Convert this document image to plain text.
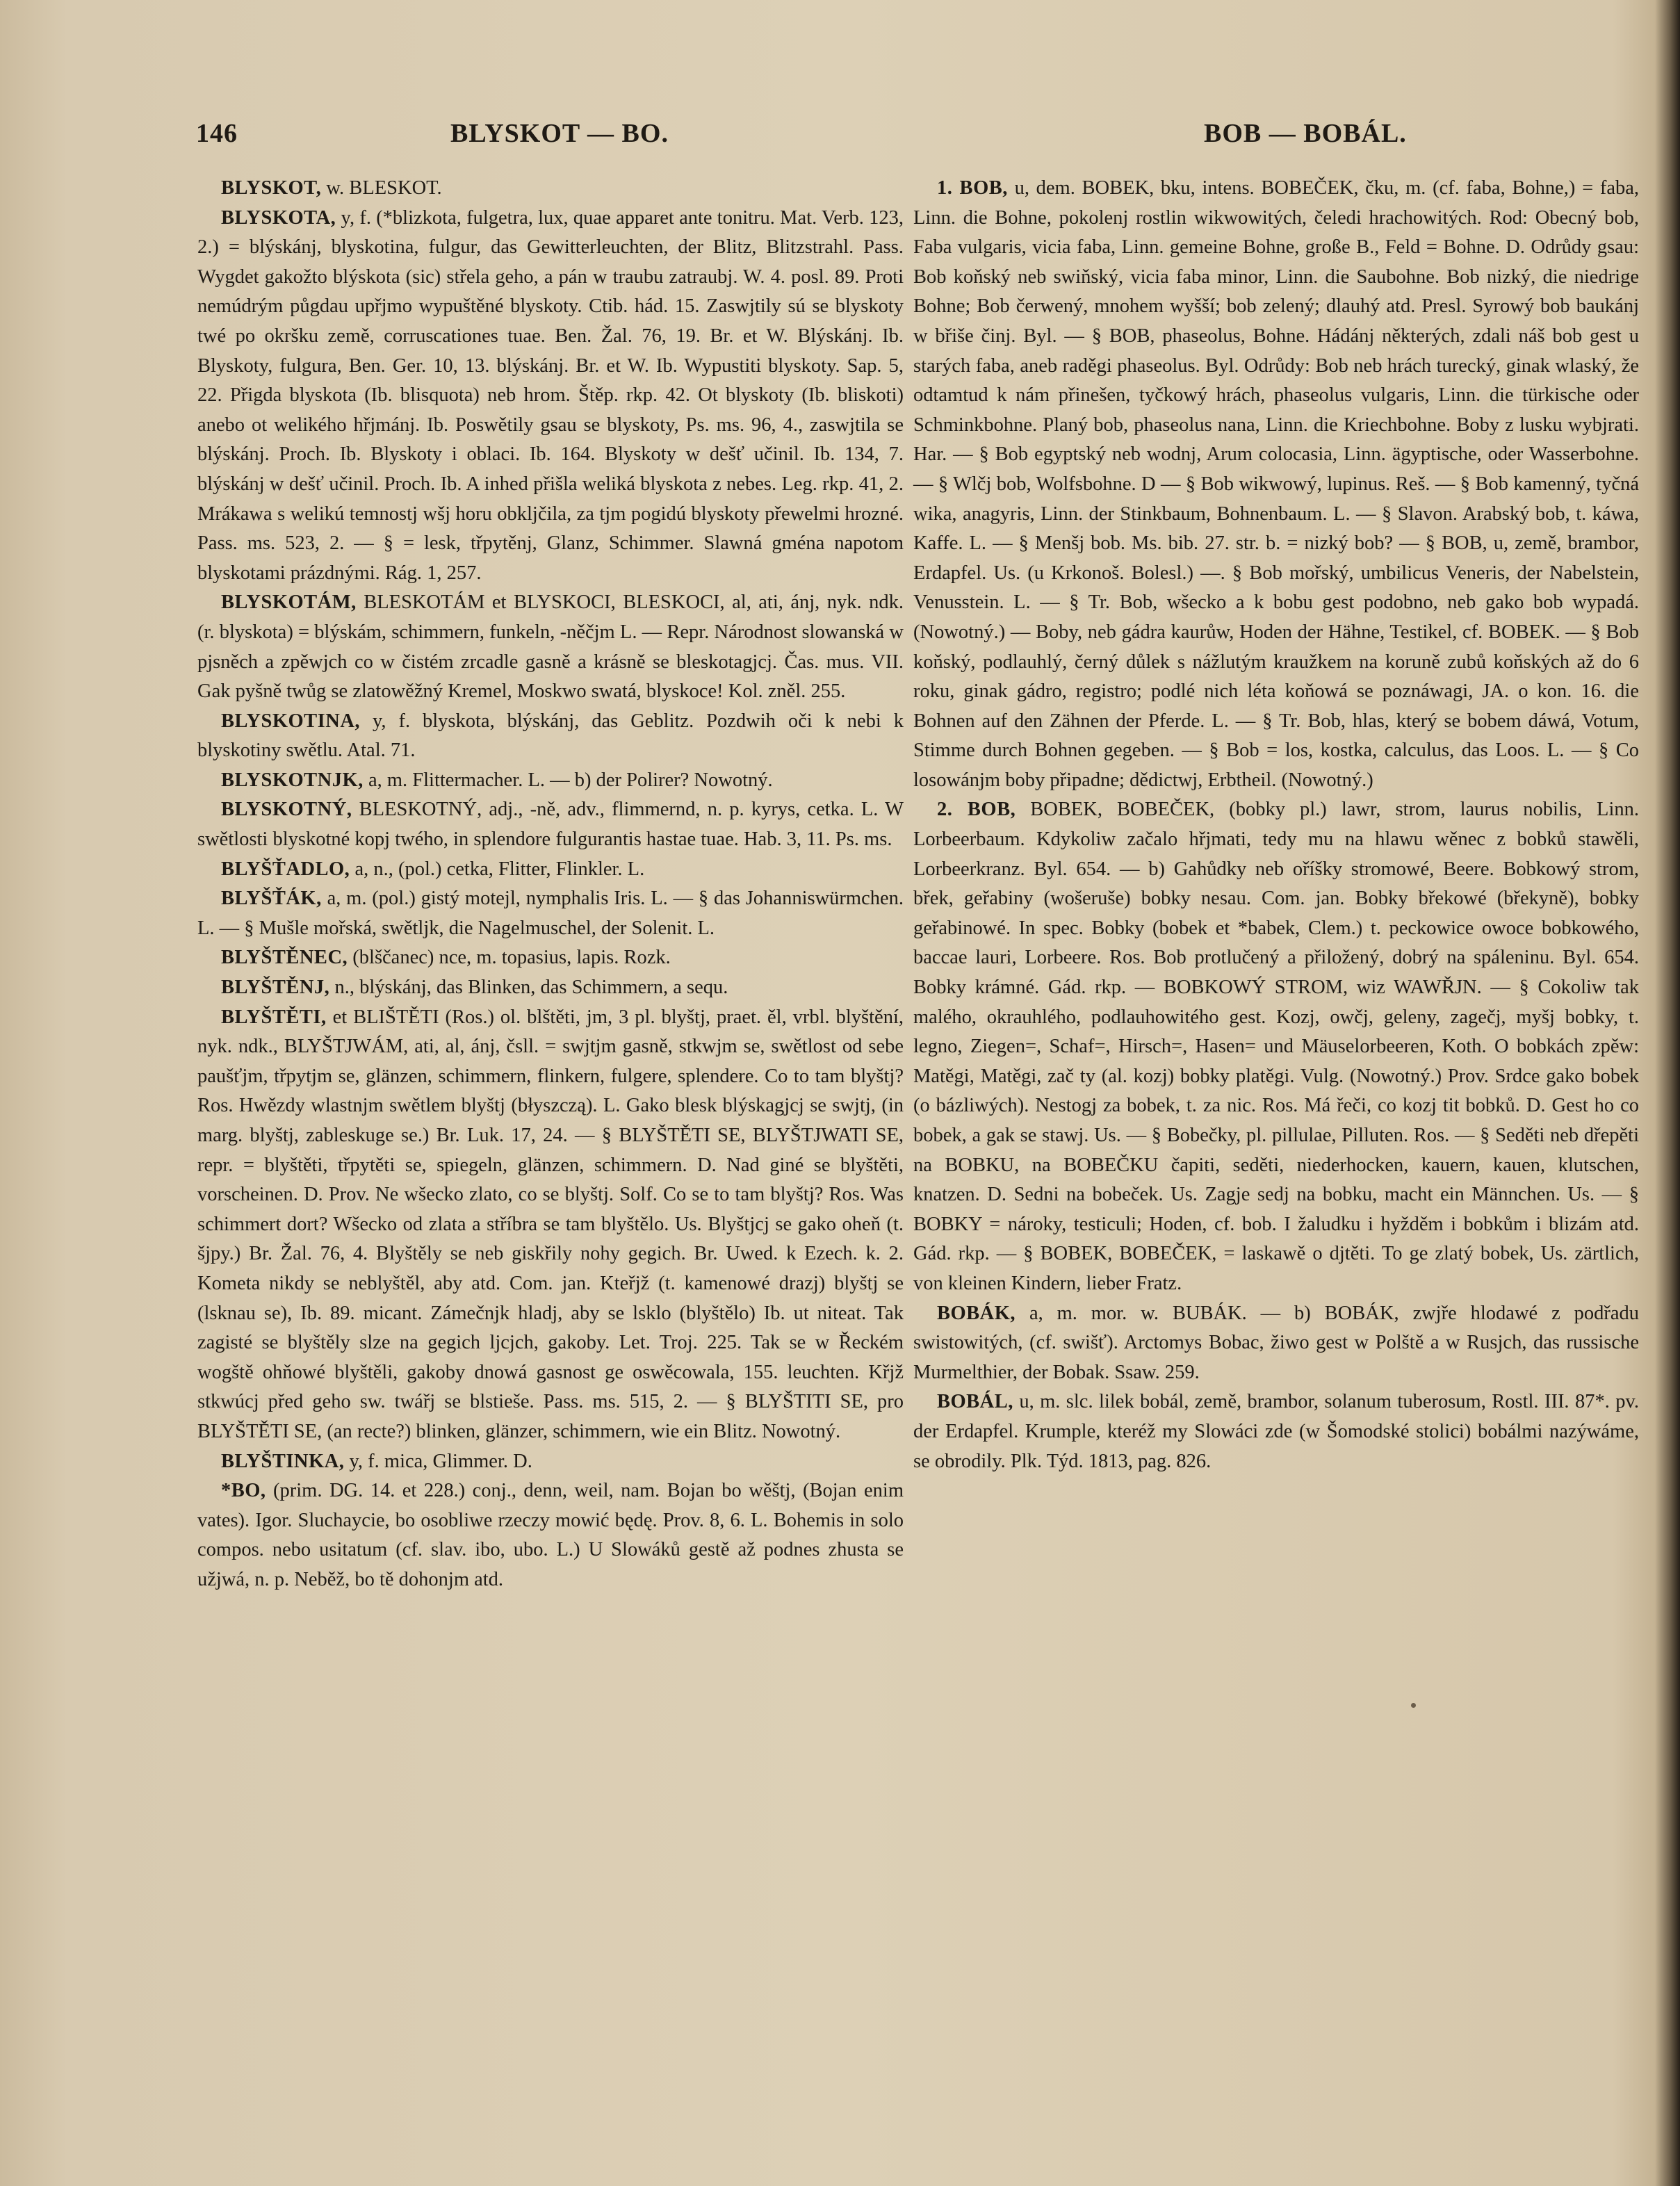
146	BLYSKOT — BO.	BOB — BOBÁL.

BLYSKOT, w. BLESKOT.

BLYSKOTA, y, f. (*blizkota, fulgetra, lux, quae apparet ante tonitru. Mat. Verb. 123, 2.) = blýskánj, blyskotina, fulgur, das Gewitterleuchten, der Blitz, Blitzstrahl. Pass. Wygdet gakožto blýskota (sic) střela geho, a pán w traubu zatraubj. W. 4. posl. 89. Proti nemúdrým půgdau upřjmo wypuštěné blyskoty. Ctib. hád. 15. Zaswjtily sú se blyskoty twé po okršku země, corruscationes tuae. Ben. Žal. 76, 19. Br. et W. Blýskánj. Ib. Blyskoty, fulgura, Ben. Ger. 10, 13. blýskánj. Br. et W. Ib. Wypustiti blyskoty. Sap. 5, 22. Přigda blyskota (Ib. blisquota) neb hrom. Štěp. rkp. 42. Ot blyskoty (Ib. bliskoti) anebo ot welikého hřjmánj. Ib. Poswětily gsau se blyskoty, Ps. ms. 96, 4., zaswjtila se blýskánj. Proch. Ib. Blyskoty i oblaci. Ib. 164. Blyskoty w dešť učinil. Ib. 134, 7. blýskánj w dešť učinil. Proch. Ib. A inhed přišla weliká blyskota z nebes. Leg. rkp. 41, 2. Mrákawa s welikú temnostj wšj horu obkljčila, za tjm pogidú blyskoty přewelmi hrozné. Pass. ms. 523, 2. — § = lesk, třpytěnj, Glanz, Schimmer. Slawná gména napotom blyskotami prázdnými. Rág. 1, 257.

BLYSKOTÁM, BLESKOTÁM et BLYSKOCI, BLESKOCI, al, ati, ánj, nyk. ndk. (r. blyskota) = blýskám, schimmern, funkeln, -něčjm L. — Repr. Národnost slowanská w pjsněch a zpěwjch co w čistém zrcadle gasně a krásně se bleskotagjcj. Čas. mus. VII. Gak pyšně twůg se zlatowěžný Kremel, Moskwo swatá, blyskoce! Kol. zněl. 255.

BLYSKOTINA, y, f. blyskota, blýskánj, das Geblitz. Pozdwih oči k nebi k blyskotiny swětlu. Atal. 71.

BLYSKOTNJK, a, m. Flittermacher. L. — b) der Polirer? Nowotný.

BLYSKOTNÝ, BLESKOTNÝ, adj., -ně, adv., flimmernd, n. p. kyrys, cetka. L. W swětlosti blyskotné kopj twého, in splendore fulgurantis hastae tuae. Hab. 3, 11. Ps. ms.

BLYŠŤADLO, a, n., (pol.) cetka, Flitter, Flinkler. L.

BLYŠŤÁK, a, m. (pol.) gistý motejl, nymphalis Iris. L. — § das Johanniswürmchen. L. — § Mušle mořská, swětljk, die Nagelmuschel, der Solenit. L.

BLYŠTĚNEC, (blščanec) nce, m. topasius, lapis. Rozk.

BLYŠTĚNJ, n., blýskánj, das Blinken, das Schimmern, a sequ.

BLYŠTĚTI, et BLIŠTĚTI (Ros.) ol. blštěti, jm, 3 pl. blyštj, praet. ěl, vrbl. blyštění, nyk. ndk., BLYŠTJWÁM, ati, al, ánj, čsll. = swjtjm gasně, stkwjm se, swětlost od sebe paušťjm, třpytjm se, glänzen, schimmern, flinkern, fulgere, splendere. Co to tam blyštj? Ros. Hwězdy wlastnjm swětlem blyštj (błyszczą). L. Gako blesk blýskagjcj se swjtj, (in marg. blyštj, zableskuge se.) Br. Luk. 17, 24. — § BLYŠTĚTI SE, BLYŠTJWATI SE, repr. = blyštěti, třpytěti se, spiegeln, glänzen, schimmern. D. Nad giné se blyštěti, vorscheinen. D. Prov. Ne wšecko zlato, co se blyštj. Solf. Co se to tam blyštj? Ros. Was schimmert dort? Wšecko od zlata a stříbra se tam blyštělo. Us. Blyštjcj se gako oheň (t. šjpy.) Br. Žal. 76, 4. Blyštěly se neb giskřily nohy gegich. Br. Uwed. k Ezech. k. 2. Kometa nikdy se neblyštěl, aby atd. Com. jan. Kteřjž (t. kamenowé drazj) blyštj se (lsknau se), Ib. 89. micant. Zámečnjk hladj, aby se lsklo (blyštělo) Ib. ut niteat. Tak zagisté se blyštěly slze na gegich ljcjch, gakoby. Let. Troj. 225. Tak se w Řeckém wogště ohňowé blyštěli, gakoby dnowá gasnost ge oswěcowala, 155. leuchten. Křjž stkwúcj před geho sw. twářj se blstieše. Pass. ms. 515, 2. — § BLYŠTITI SE, pro BLYŠTĚTI SE, (an recte?) blinken, glänzer, schimmern, wie ein Blitz. Nowotný.

BLYŠTINKA, y, f. mica, Glimmer. D.

*BO, (prim. DG. 14. et 228.) conj., denn, weil, nam. Bojan bo wěštj, (Bojan enim vates). Igor. Sluchaycie, bo osobliwe rzeczy mowić będę. Prov. 8, 6. L. Bohemis in solo compos. nebo usitatum (cf. slav. ibo, ubo. L.) U Slowáků gestě až podnes zhusta se užjwá, n. p. Neběž, bo tě dohonjm atd.

1. BOB, u, dem. BOBEK, bku, intens. BOBEČEK, čku, m. (cf. faba, Bohne,) = faba, Linn. die Bohne, pokolenj rostlin wikwowitých, čeledi hrachowitých. Rod: Obecný bob, Faba vulgaris, vicia faba, Linn. gemeine Bohne, große B., Feld = Bohne. D. Odrůdy gsau: Bob koňský neb swiňský, vicia faba minor, Linn. die Saubohne. Bob nizký, die niedrige Bohne; Bob čerwený, mnohem wyšší; bob zelený; dlauhý atd. Presl. Syrowý bob baukánj w břiše činj. Byl. — § BOB, phaseolus, Bohne. Hádánj některých, zdali náš bob gest u starých faba, aneb raděgi phaseolus. Byl. Odrůdy: Bob neb hrách turecký, ginak wlaský, že odtamtud k nám přinešen, tyčkowý hrách, phaseolus vulgaris, Linn. die türkische oder Schminkbohne. Planý bob, phaseolus nana, Linn. die Kriechbohne. Boby z lusku wybjrati. Har. — § Bob egyptský neb wodnj, Arum colocasia, Linn. ägyptische, oder Wasserbohne. — § Wlčj bob, Wolfsbohne. D — § Bob wikwowý, lupinus. Reš. — § Bob kamenný, tyčná wika, anagyris, Linn. der Stinkbaum, Bohnenbaum. L. — § Slavon. Arabský bob, t. káwa, Kaffe. L. — § Menšj bob. Ms. bib. 27. str. b. = nizký bob? — § BOB, u, země, brambor, Erdapfel. Us. (u Krkonoš. Bolesl.) —. § Bob mořský, umbilicus Veneris, der Nabelstein, Venusstein. L. — § Tr. Bob, wšecko a k bobu gest podobno, neb gako bob wypadá. (Nowotný.) — Boby, neb gádra kaurůw, Hoden der Hähne, Testikel, cf. BOBEK. — § Bob koňský, podlauhlý, černý důlek s nážlutým kraužkem na koruně zubů koňských až do 6 roku, ginak gádro, registro; podlé nich léta koňowá se poznáwagi, JA. o kon. 16. die Bohnen auf den Zähnen der Pferde. L. — § Tr. Bob, hlas, který se bobem dáwá, Votum, Stimme durch Bohnen gegeben. — § Bob = los, kostka, calculus, das Loos. L. — § Co losowánjm boby připadne; dědictwj, Erbtheil. (Nowotný.)

2. BOB, BOBEK, BOBEČEK, (bobky pl.) lawr, strom, laurus nobilis, Linn. Lorbeerbaum. Kdykoliw začalo hřjmati, tedy mu na hlawu wěnec z bobků stawěli, Lorbeerkranz. Byl. 654. — b) Gahůdky neb oříšky stromowé, Beere. Bobkowý strom, břek, geřabiny (wošeruše) bobky nesau. Com. jan. Bobky břekowé (břekyně), bobky geřabinowé. In spec. Bobky (bobek et *babek, Clem.) t. peckowice owoce bobkowého, baccae lauri, Lorbeere. Ros. Bob protlučený a přiložený, dobrý na spáleninu. Byl. 654. Bobky krámné. Gád. rkp. — BOBKOWÝ STROM, wiz WAWŘJN. — § Cokoliw tak malého, okrauhlého, podlauhowitého gest. Kozj, owčj, geleny, zagečj, myšj bobky, t. legno, Ziegen=, Schaf=, Hirsch=, Hasen= und Mäuselorbeeren, Koth. O bobkách zpěw: Matěgi, Matěgi, zač ty (al. kozj) bobky platěgi. Vulg. (Nowotný.) Prov. Srdce gako bobek (o bázliwých). Nestogj za bobek, t. za nic. Ros. Má řeči, co kozj tit bobků. D. Gest ho co bobek, a gak se stawj. Us. — § Bobečky, pl. pillulae, Pilluten. Ros. — § Seděti neb dřepěti na BOBKU, na BOBEČKU čapiti, seděti, niederhocken, kauern, kauen, klutschen, knatzen. D. Sedni na bobeček. Us. Zagje sedj na bobku, macht ein Männchen. Us. — § BOBKY = nároky, testiculi; Hoden, cf. bob. I žaludku i hyžděm i bobkům i blizám atd. Gád. rkp. — § BOBEK, BOBEČEK, = laskawě o djtěti. To ge zlatý bobek, Us. zärtlich, von kleinen Kindern, lieber Fratz.

BOBÁK, a, m. mor. w. BUBÁK. — b) BOBÁK, zwjře hlodawé z podřadu swistowitých, (cf. swišť). Arctomys Bobac, žiwo gest w Polště a w Rusjch, das russische Murmelthier, der Bobak. Ssaw. 259.

BOBÁL, u, m. slc. lilek bobál, země, brambor, solanum tuberosum, Rostl. III. 87*. pv. der Erdapfel. Krumple, kteréž my Slowáci zde (w Šomodské stolici) bobálmi nazýwáme, se obrodily. Plk. Týd. 1813, pag. 826.
